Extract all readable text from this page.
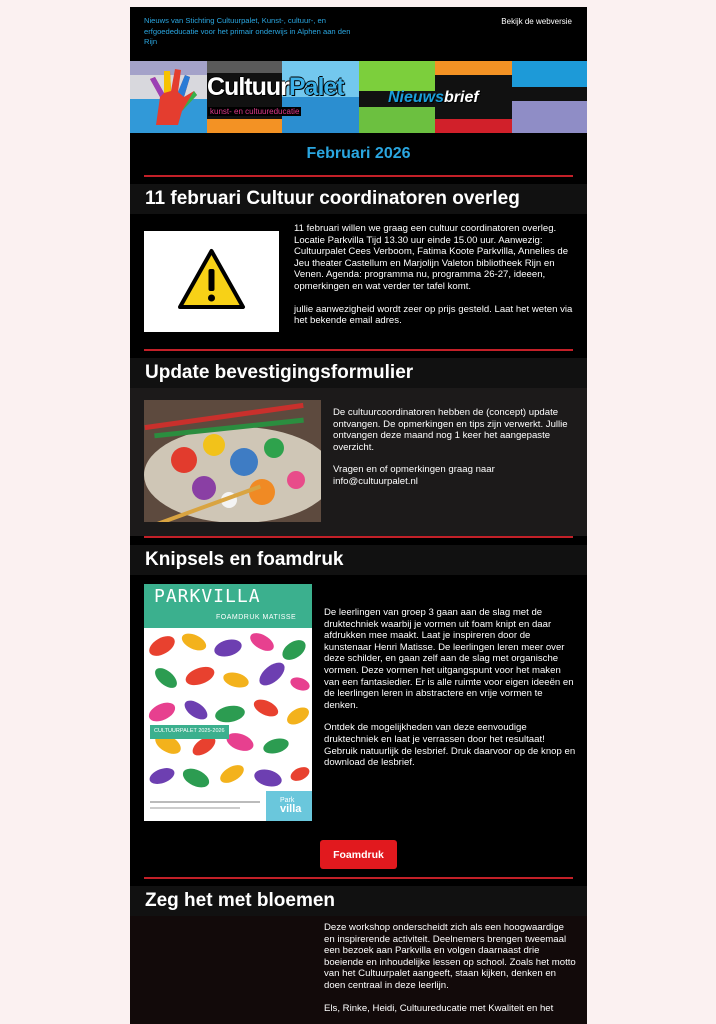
Nieuws van Stichting Cultuurpalet, Kunst-, cultuur-, en erfgoededucatie voor het primair onderwijs in Alphen aan den Rijn
Bekijk de webversie
CultuurPalet
kunst- en cultuureducatie
Nieuwsbrief
Februari 2026
11 februari Cultuur coordinatoren overleg

11 februari willen we graag een cultuur coordinatoren overleg. Locatie Parkvilla Tijd 13.30 uur einde 15.00 uur. Aanwezig: Cultuurpalet Cees Verboom, Fatima Koote Parkvilla, Annelies de Jeu theater Castellum en Marjolijn Valeton bibliotheek Rijn en Venen. Agenda: programma nu, programma 26-27, ideeen, opmerkingen en wat verder ter tafel komt.

jullie aanwezigheid wordt zeer op prijs gesteld. Laat het weten via het bekende email adres.

Update bevestigingsformulier

De cultuurcoordinatoren hebben de (concept) update ontvangen. De opmerkingen en tips zijn verwerkt. Jullie ontvangen deze maand nog 1 keer het aangepaste overzicht.

Vragen en of opmerkingen graag naar info@cultuurpalet.nl

Knipsels en foamdruk
PARKVILLA
FOAMDRUK MATISSE
CULTUURPALET 2025-2026
Park
villa

De leerlingen van groep 3 gaan aan de slag met de druktechniek waarbij je vormen uit foam knipt en daar afdrukken mee maakt. Laat je inspireren door de kunstenaar Henri Matisse. De leerlingen leren meer over deze schilder, en gaan zelf aan de slag met organische vormen. Deze vormen het uitgangspunt voor het maken van een fantasiedier. Er is alle ruimte voor eigen ideeën en de leerlingen leren in abstractere en vrije vormen te denken.

Ontdek de mogelijkheden van deze eenvoudige druktechniek en laat je verrassen door het resultaat! Gebruik natuurlijk de lesbrief. Druk daarvoor op de knop en download de lesbrief.

Foamdruk
Zeg het met bloemen

Deze workshop onderscheidt zich als een hoogwaardige en inspirerende activiteit. Deelnemers brengen tweemaal een bezoek aan Parkvilla en volgen daarnaast drie boeiende en inhoudelijke lessen op school. Zoals het motto van het Cultuurpalet aangeeft, staan kijken, denken en doen centraal in deze leerlijn.

Els, Rinke, Heidi, Cultuureducatie met Kwaliteit en het
